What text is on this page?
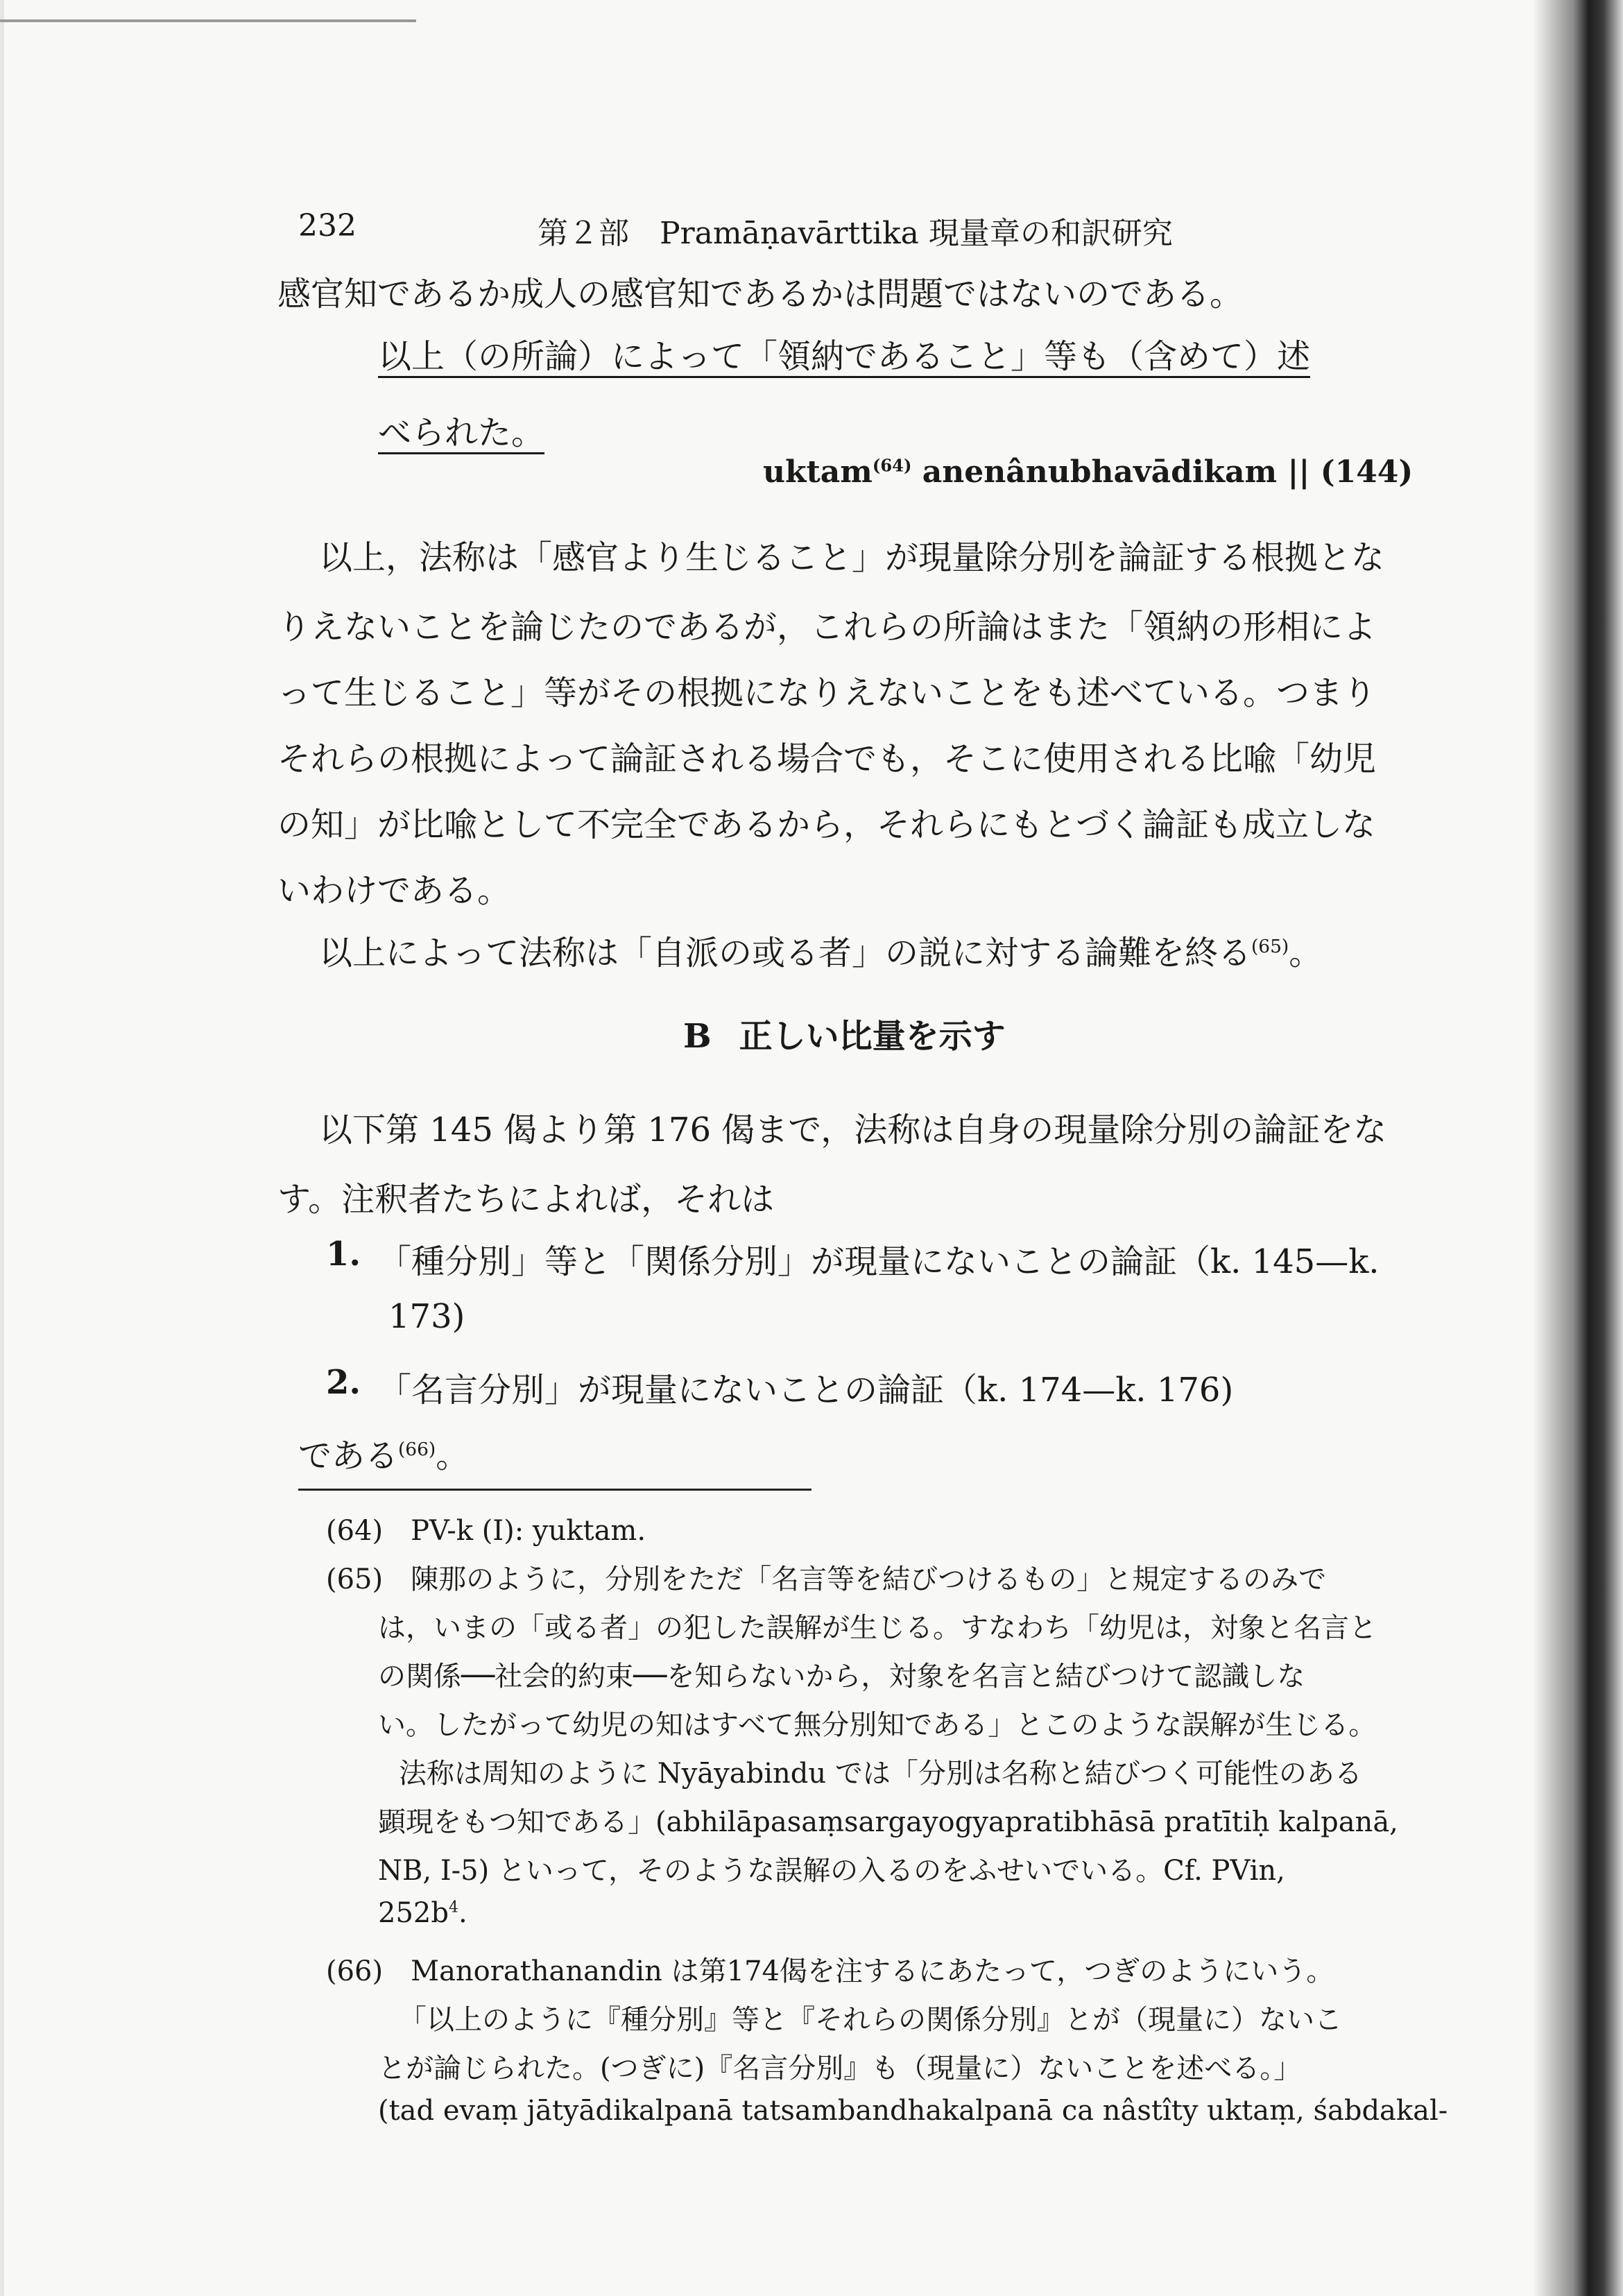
232	第２部　Pramāṇavārttika 現量章の和訳研究
感官知であるか成人の感官知であるかは問題ではないのである。
以上（の所論）によって「領納であること」等も（含めて）述
べられた。
uktam$^{(64)}$ anenânubhavādikam || (144)
以上，法称は「感官より生じること」が現量除分別を論証する根拠とな
りえないことを論じたのであるが，これらの所論はまた「領納の形相によ
って生じること」等がその根拠になりえないことをも述べている。つまり
それらの根拠によって論証される場合でも，そこに使用される比喩「幼児
の知」が比喩として不完全であるから，それらにもとづく論証も成立しな
いわけである。
以上によって法称は「自派の或る者」の説に対する論難を終る$^{(65)}$。
B 正しい比量を示す
以下第 145 偈より第 176 偈まで，法称は自身の現量除分別の論証をな
す。注釈者たちによれば，それは
1. 「種分別」等と「関係分別」が現量にないことの論証（k. 145—k.
173)
2. 「名言分別」が現量にないことの論証（k. 174—k. 176)
である$^{(66)}$。
(64)　PV-k (I): yuktam.
(65)　陳那のように，分別をただ「名言等を結びつけるもの」と規定するのみで
は，いまの「或る者」の犯した誤解が生じる。すなわち「幼児は，対象と名言と
の関係──社会的約束──を知らないから，対象を名言と結びつけて認識しな
い。したがって幼児の知はすべて無分別知である」とこのような誤解が生じる。
法称は周知のように Nyāyabindu では「分別は名称と結びつく可能性のある
顕現をもつ知である」(abhilāpasaṃsargayogyapratibhāsā pratītiḥ kalpanā,
NB, I-5) といって，そのような誤解の入るのをふせいでいる。Cf. PVin,
$252b^4$.
(66)　Manorathanandin は第174偈を注するにあたって，つぎのようにいう。
「以上のように『種分別』等と『それらの関係分別』とが（現量に）ないこ
とが論じられた。(つぎに)『名言分別』も（現量に）ないことを述べる。」
(tad evaṃ jātyādikalpanā tatsambandhakalpanā ca nâstîty uktaṃ, śabdakal-
